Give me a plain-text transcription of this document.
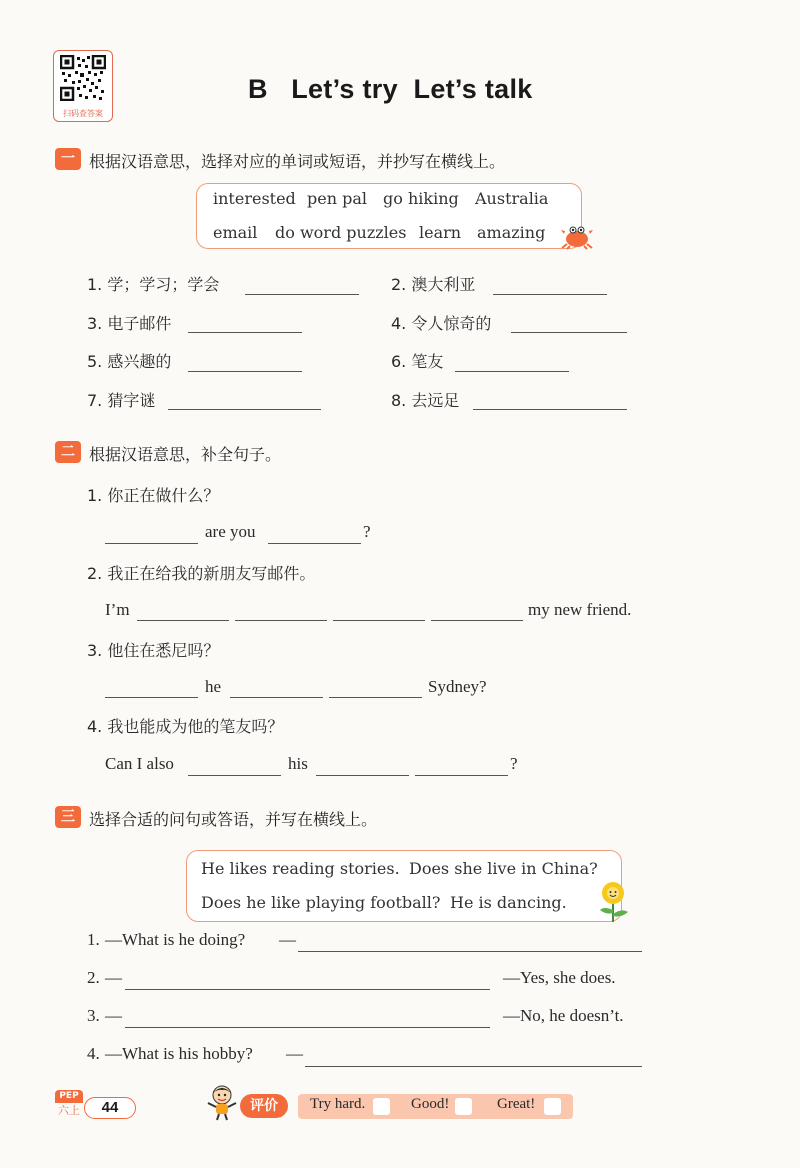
扫码查答案
B   Let’s try  Let’s talk
一 根据汉语意思，选择对应的单词或短语，并抄写在横线上。
interested pen pal go hiking Australia
email do word puzzles learn amazing
1. 学；学习；学会	2. 澳大利亚
3. 电子邮件	4. 令人惊奇的
5. 感兴趣的	6. 笔友
7. 猜字谜	8. 去远足
二 根据汉语意思，补全句子。
1. 你正在做什么？
are you	?
2. 我正在给我的新朋友写邮件。
I’m	my new friend.
3. 他住在悉尼吗？
he	Sydney?
4. 我也能成为他的笔友吗？
Can I also	his	?
三 选择合适的问句或答语，并写在横线上。
He likes reading stories. Does she live in China?
Does he like playing football? He is dancing.
1. —What is he doing? —
2. —	—Yes, she does.
3. —	—No, he doesn’t.
4. —What is his hobby? —
PEP
六上	44	评价	Try hard.	Good!	Great!
